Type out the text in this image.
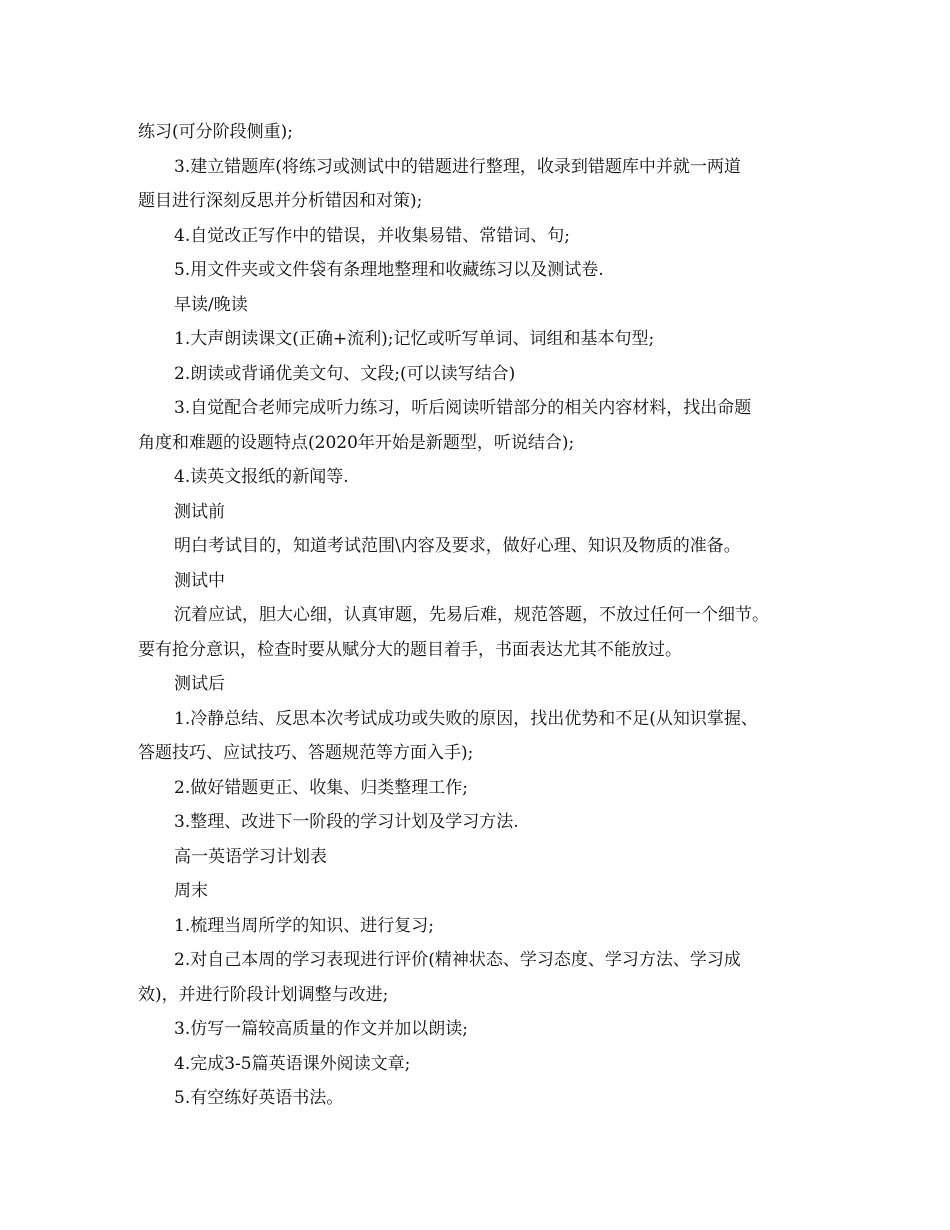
练习(可分阶段侧重);
3.建立错题库(将练习或测试中的错题进行整理，收录到错题库中并就一两道
题目进行深刻反思并分析错因和对策);
4.自觉改正写作中的错误，并收集易错、常错词、句;
5.用文件夹或文件袋有条理地整理和收藏练习以及测试卷.
早读/晚读
1.大声朗读课文(正确+流利);记忆或听写单词、词组和基本句型;
2.朗读或背诵优美文句、文段;(可以读写结合)
3.自觉配合老师完成听力练习，听后阅读听错部分的相关内容材料，找出命题
角度和难题的设题特点(2020年开始是新题型，听说结合);
4.读英文报纸的新闻等.
测试前
明白考试目的，知道考试范围\内容及要求，做好心理、知识及物质的准备。
测试中
沉着应试，胆大心细，认真审题，先易后难，规范答题，不放过任何一个细节。
要有抢分意识，检查时要从赋分大的题目着手，书面表达尤其不能放过。
测试后
1.冷静总结、反思本次考试成功或失败的原因，找出优势和不足(从知识掌握、
答题技巧、应试技巧、答题规范等方面入手);
2.做好错题更正、收集、归类整理工作;
3.整理、改进下一阶段的学习计划及学习方法.
高一英语学习计划表
周末
1.梳理当周所学的知识、进行复习;
2.对自己本周的学习表现进行评价(精神状态、学习态度、学习方法、学习成
效)，并进行阶段计划调整与改进;
3.仿写一篇较高质量的作文并加以朗读;
4.完成3-5篇英语课外阅读文章;
5.有空练好英语书法。
